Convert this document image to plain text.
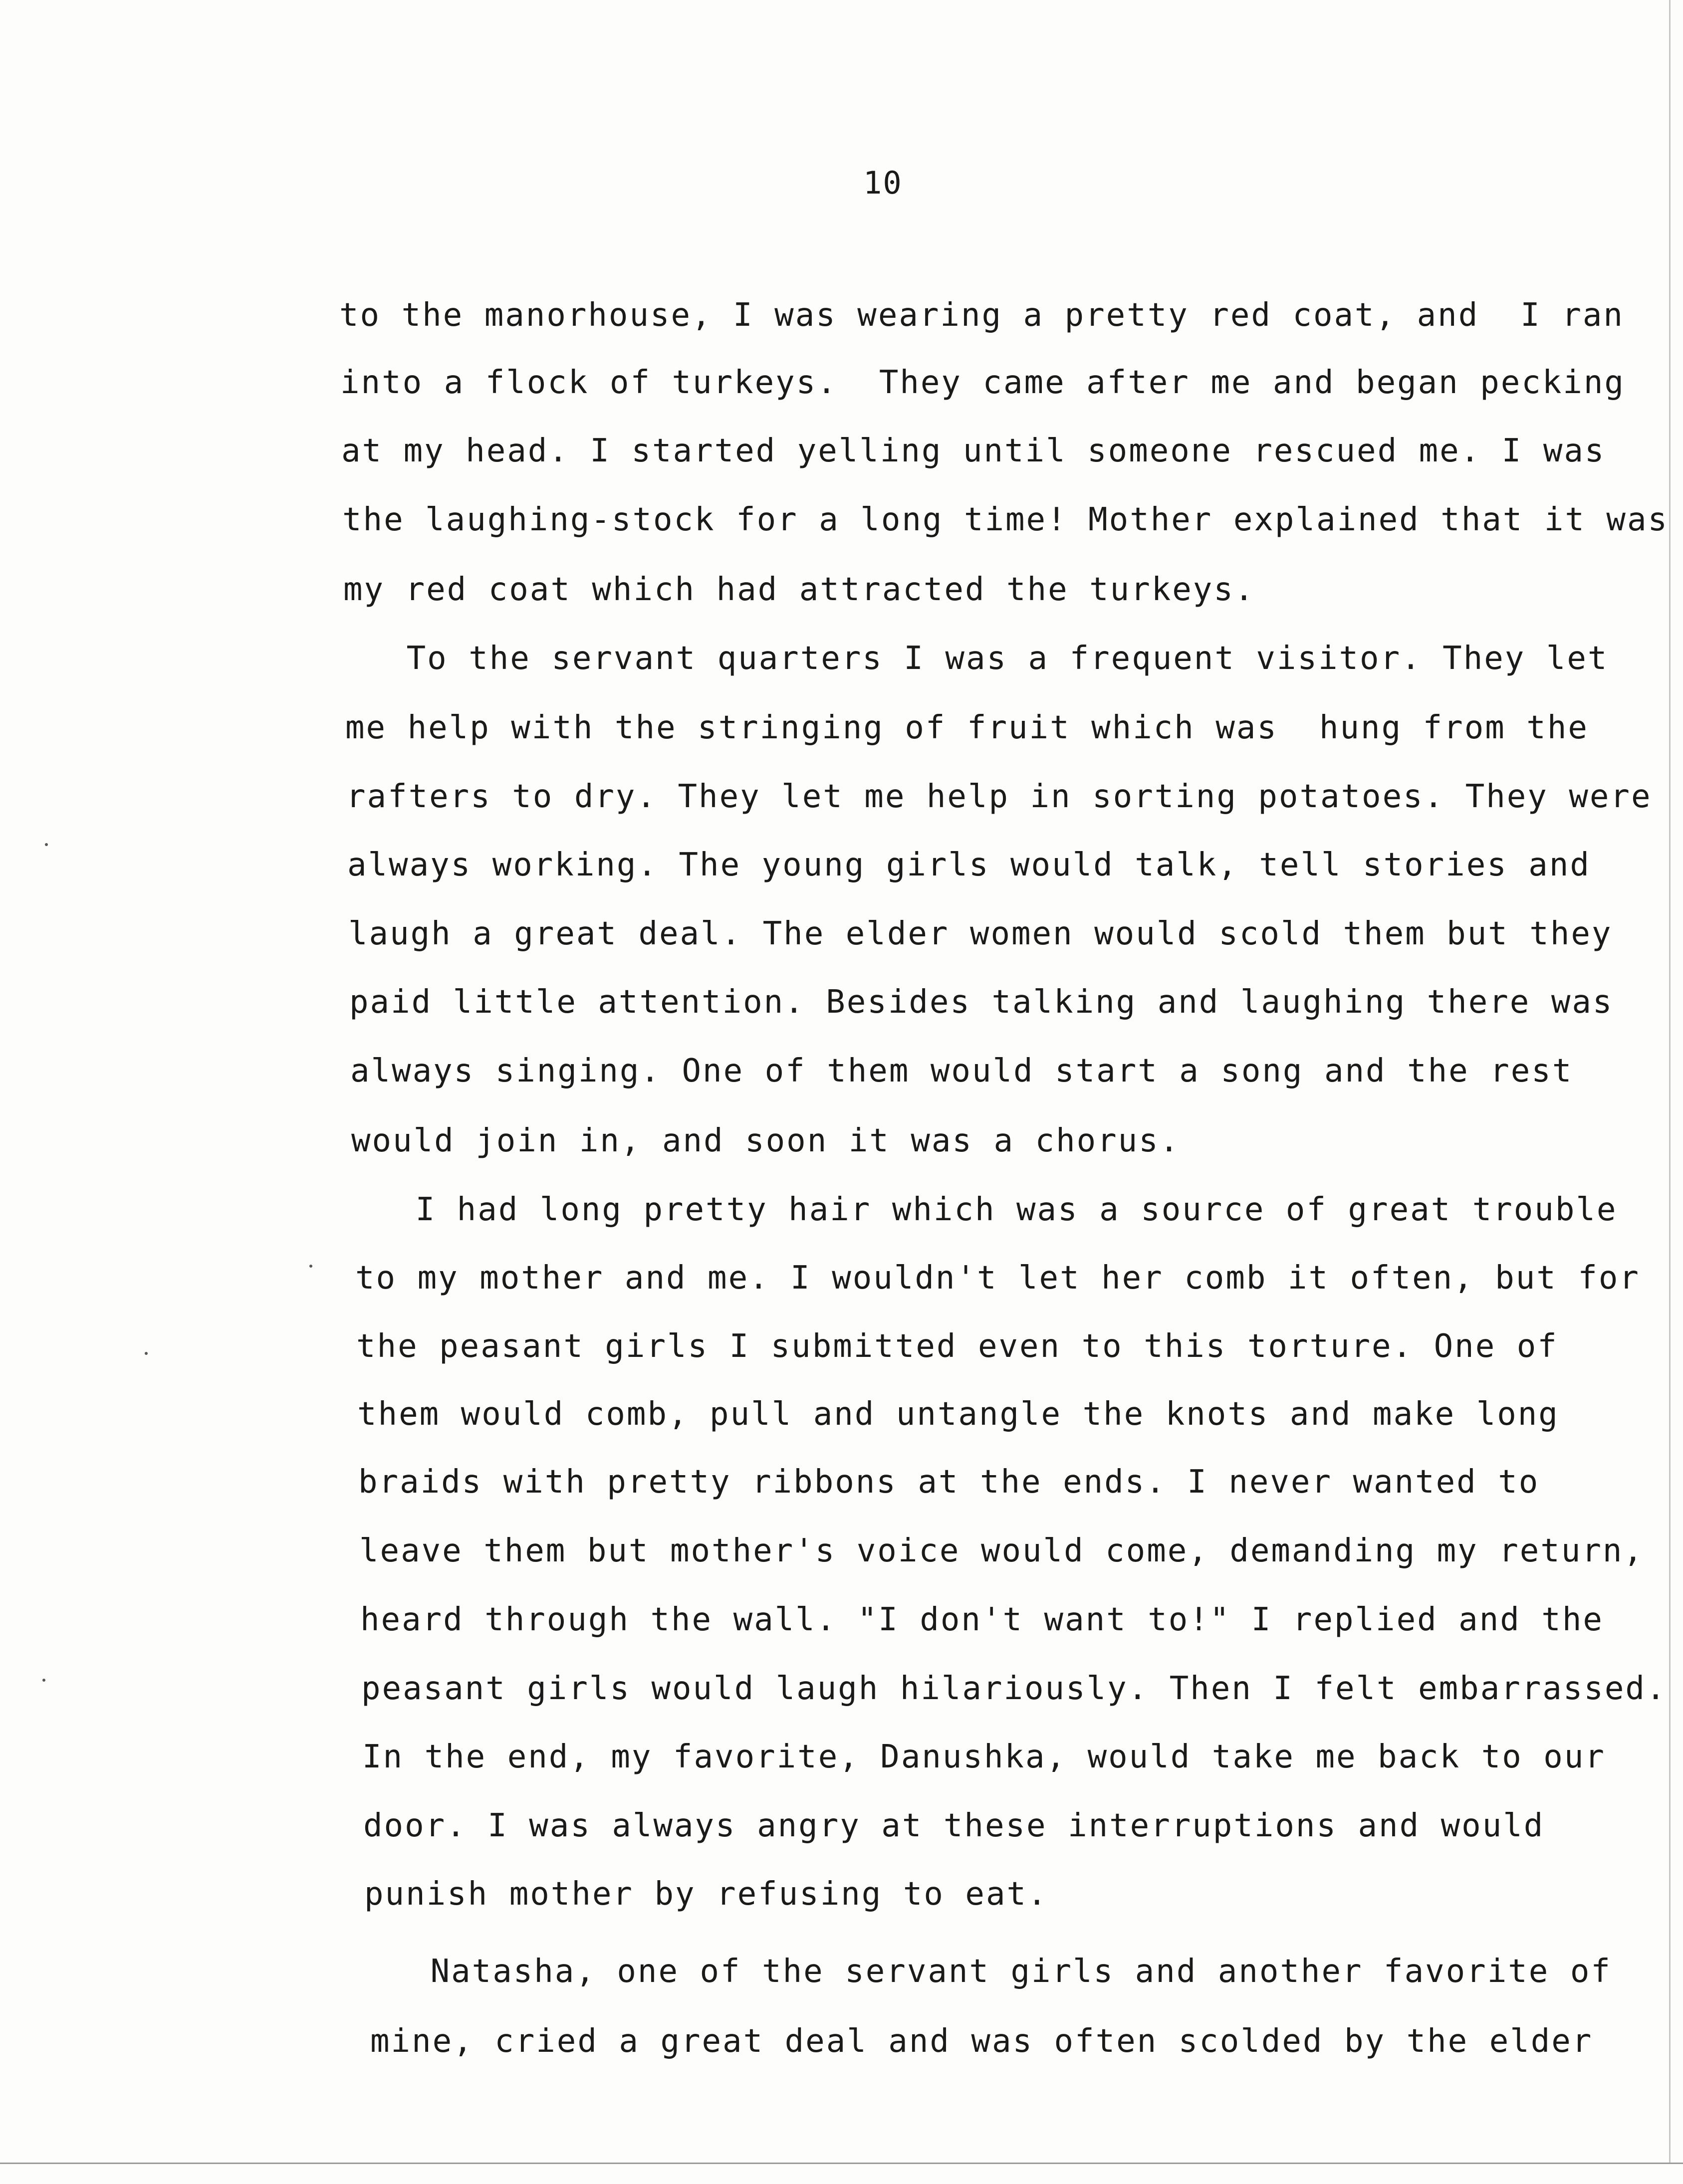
10
to the manorhouse, I was wearing a pretty red coat, and  I ran
into a flock of turkeys.  They came after me and began pecking
at my head. I started yelling until someone rescued me. I was
the laughing-stock for a long time! Mother explained that it was
my red coat which had attracted the turkeys.
To the servant quarters I was a frequent visitor. They let
me help with the stringing of fruit which was  hung from the
rafters to dry. They let me help in sorting potatoes. They were
always working. The young girls would talk, tell stories and
laugh a great deal. The elder women would scold them but they
paid little attention. Besides talking and laughing there was
always singing. One of them would start a song and the rest
would join in, and soon it was a chorus.
I had long pretty hair which was a source of great trouble
to my mother and me. I wouldn't let her comb it often, but for
the peasant girls I submitted even to this torture. One of
them would comb, pull and untangle the knots and make long
braids with pretty ribbons at the ends. I never wanted to
leave them but mother's voice would come, demanding my return,
heard through the wall. "I don't want to!" I replied and the
peasant girls would laugh hilariously. Then I felt embarrassed.
In the end, my favorite, Danushka, would take me back to our
door. I was always angry at these interruptions and would
punish mother by refusing to eat.
Natasha, one of the servant girls and another favorite of
mine, cried a great deal and was often scolded by the elder
